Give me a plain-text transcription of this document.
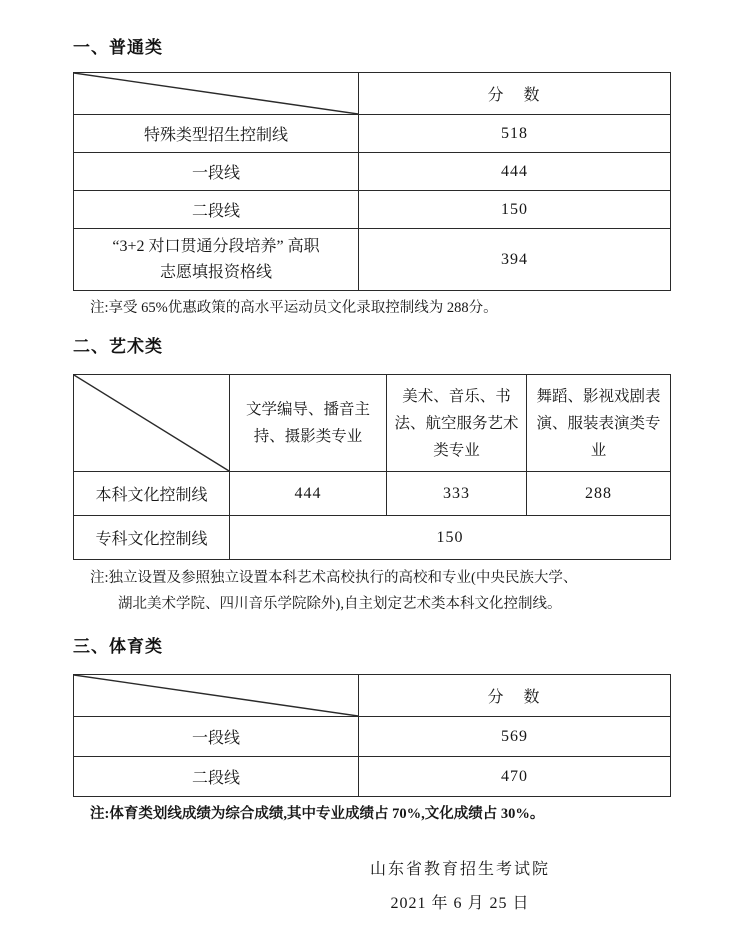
一、普通类
	分　数
特殊类型招生控制线	518
一段线	444
二段线	150

“3+2 对口贯通分段培养” 高职
志愿填报资格线	394
注:享受 65%优惠政策的高水平运动员文化录取控制线为 288分。
二、艺术类
	文学编导、播音主持、摄影类专业	美术、音乐、书法、航空服务艺术类专业	舞蹈、影视戏剧表演、服装表演类专业
本科文化控制线	444	333	288
专科文化控制线	150		
注:独立设置及参照独立设置本科艺术高校执行的高校和专业(中央民族大学、
湖北美术学院、四川音乐学院除外),自主划定艺术类本科文化控制线。
三、体育类
	分　数
一段线	569
二段线	470
注:体育类划线成绩为综合成绩,其中专业成绩占 70%,文化成绩占 30%。
山东省教育招生考试院
2021 年 6 月 25 日
